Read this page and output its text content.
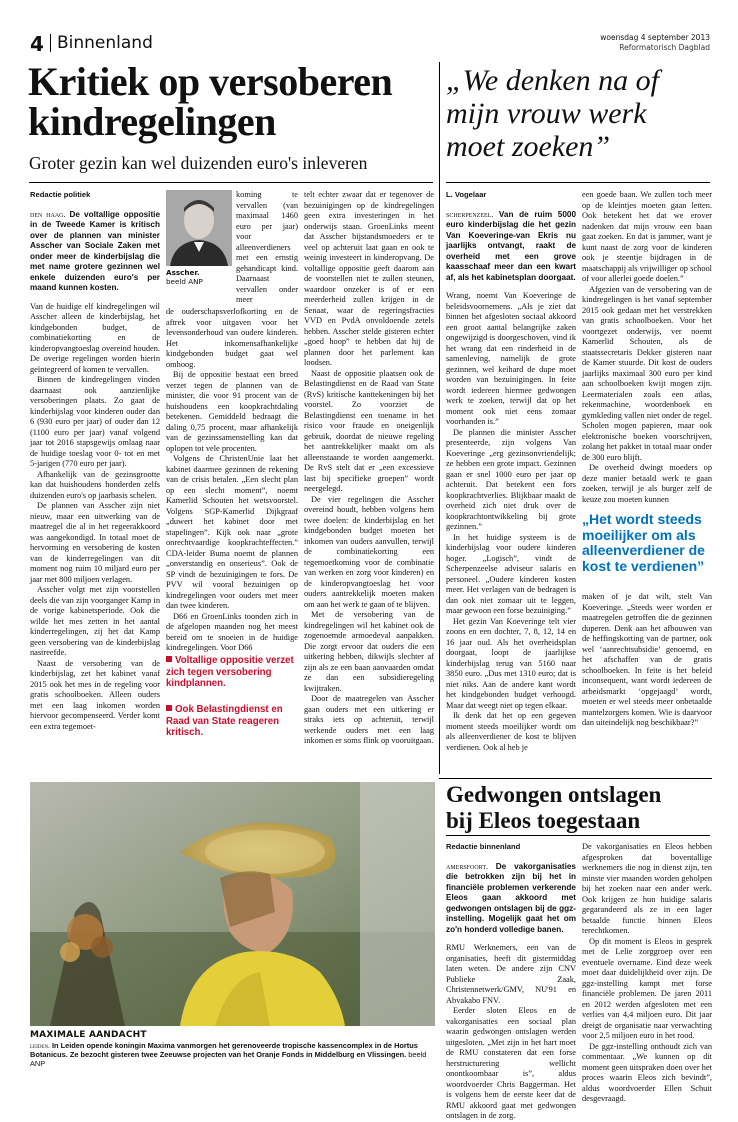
4 Binnenland	woensdag 4 september 2013
Reformatorisch Dagblad
Kritiek op versoberen
kindregelingen
Groter gezin kan wel duizenden euro's inleveren
Redactie politiek

den haag. De voltallige oppositie in de Tweede Kamer is kritisch over de plannen van minister Asscher van Sociale Zaken met onder meer de kinderbijslag die met name grotere gezinnen wel enkele duizenden euro's per maand kunnen kosten.

Van de huidige elf kindregelingen wil Asscher alleen de kinderbijslag, het kindgebonden budget, de combinatiekorting en de kinderopvangtoeslag overeind houden. De overige regelingen worden hierin geïntegreerd of komen te vervallen.

Binnen de kindregelingen vinden daarnaast ook aanzienlijke versoberingen plaats. Zo gaat de kinderbijslag voor kinderen ouder dan 6 (930 euro per jaar) of ouder dan 12 (1100 euro per jaar) vanaf volgend jaar tot 2016 stapsgewijs omlaag naar de huidige toeslag voor 0- tot en met 5-jarigen (770 euro per jaar).

Afhankelijk van de gezinsgrootte kan dat huishoudens honderden zelfs duizenden euro's op jaarbasis schelen.

De plannen van Asscher zijn niet nieuw, maar een uitwerking van de maatregel die al in het regeerakkoord was aangekondigd. In totaal moet de hervorming en versobering de kosten van de kinderregelingen van dit moment nog ruim 10 miljard euro per jaar met 800 miljoen verlagen.

Asscher volgt met zijn voorstellen deels die van zijn voorganger Kamp in de vorige kabinetsperiode. Ook die wilde het mes zetten in het aantal kinderregelingen, zij het dat Kamp geen versobering van de kinderbijslag nastreefde.

Naast de versobering van de kinderbijslag, zet het kabinet vanaf 2015 ook het mes in de regeling voor gratis schoolboeken. Alleen ouders met een laag inkomen worden hiervoor gecompenseerd. Verder komt een extra tegemoet-

Asscher.
beeld ANP
koming te vervallen (van maximaal 1460 euro per jaar) voor alleenverdieners met een ernstig gehandicapt kind. Daarnaast vervallen onder meer

de ouderschapsverlofkorting en de aftrek voor uitgaven voor het levensonderhoud van oudere kinderen. Het inkomensafhankelijke kindgebonden budget gaat wel omhoog.

Bij de oppositie bestaat een breed verzet tegen de plannen van de minister, die voor 91 procent van de huishoudens een koopkrachtdaling betekenen. Gemiddeld bedraagt die daling 0,75 procent, maar afhankelijk van de gezinssamenstelling kan dat oplopen tot vele procenten.

Volgens de ChristenUnie laat het kabinet daarmee gezinnen de rekening van de crisis betalen. „Een slecht plan op een slecht moment”, noemt Kamerlid Schouten het wetsvoorstel. Volgens SGP-Kamerlid Dijkgraaf „duwert het kabinet door met stapelingen”. Kijk ook naar „grote onrechtvaardige koopkrachteffecten.” CDA-leider Buma noemt de plannen „onverstandig en onserieus”. Ook de SP vindt de bezuinigingen te fors. De PVV wil vooral bezuinigen op kindregelingen voor ouders met meer dan twee kinderen.

D66 en GroenLinks toonden zich in de afgelopen maanden nog het meest bereid om te snoeien in de huidige kindregelingen. Voor D66

Voltallige oppositie verzet zich tegen versobering kindplannen.
Ook Belastingdienst en Raad van State reageren kritisch.

telt echter zwaar dat er tegenover de bezuinigingen op de kindregelingen geen extra investeringen in het onderwijs staan. GroenLinks meent dat Asscher bijstandsmoeders er te veel op achteruit laat gaan en ook te weinig investeert in kinderopvang. De voltallige oppositie geeft daarom aan de voorstellen niet te zullen steunen, waardoor onzeker is of er een meerderheid zullen krijgen in de Senaat, waar de regeringsfracties VVD en PvdA onvoldoende zetels hebben. Asscher stelde gisteren echter „goed hoop” te hebben dat hij de plannen door het parlement kan loodsen.

Naast de oppositie plaatsen ook de Belastingdienst en de Raad van State (RvS) kritische kanttekeningen bij het voorstel. Zo voorziet de Belastingdienst een toename in het risico voor fraude en oneigenlijk gebruik, doordat de nieuwe regeling het aantrekkelijker maakt om als alleenstaande te worden aangemerkt. De RvS stelt dat er „een excessieve last bij specifieke groepen” wordt neergelegd.

De vier regelingen die Asscher overeind houdt, hebben volgens hem twee doelen: de kinderbijslag en het kindgebonden budget moeten het inkomen van ouders aanvullen, terwijl de combinatiekorting een tegemoetkoming voor de combinatie van werken en zorg voor kinderen) en de kinderopvangtoeslag het voor ouders aantrekkelijk moeten maken om aan het werk te gaan of te blijven.

Met de versobering van de kindregelingen wil het kabinet ook de zogenoemde armoedeval aanpakken. Die zorgt ervoor dat ouders die een uitkering hebben, dikwijls slechter af zijn als ze een baan aanvaarden omdat ze dan een subsidieregeling kwijtraken.

Door de maatregelen van Asscher gaan ouders met een uitkering er straks iets op achteruit, terwijl werkende ouders met een laag inkomen er soms flink op vooruitgaan.

„We denken na of
mijn vrouw werk
moet zoeken”
L. Vogelaar

scherpenzeel. Van de ruim 5000 euro kinderbijslag die het gezin Van Koeveringe-van Ekris nu jaarlijks ontvangt, raakt de overheid met een grove kaasschaaf meer dan een kwart af, als het kabinetsplan doorgaat.

Wrang, noemt Van Koeveringe de beleidsvoornemens. „Als je ziet dat binnen het afgesloten sociaal akkoord een groot aantal belangrijke zaken ongewijzigd is doorgeschoven, vind ik het wrang dat een rinderheid in de samenleving, namelijk de grote gezinnen, wel keihard de dupe moet worden van bezuinigingen. In feite wordt iedereen hiermee gedwongen werk te zoeken, terwijl dat op het moment ook niet eens zomaar voorhanden is.”

De plannen die minister Asscher presenteerde, zijn volgens Van Koeveringe „erg gezinsonvriendelijk; ze hebben een grote impact. Gezinnen gaan er snel 1000 euro per jaar op achteruit. Dat betekent een fors koopkrachtverlies. Blijkbaar maakt de overheid zich niet druk over de koopkrachtontwikkeling bij grote gezinnen.”

In het huidige systeem is de kinderbijslag voor oudere kinderen hoger. „Logisch”, vindt de Scherpenzeelse adviseur salaris en personeel. „Oudere kinderen kosten meer. Het verlagen van de bedragen is dan ook niet zomaar uit te leggen, maar gewoon een forse bezuiniging.”

Het gezin Van Koeveringe telt vier zoons en een dochter, 7, 8, 12, 14 en 16 jaar oud. Als het overheidsplan doorgaat, loopt de jaarlijkse kinderbijslag terug van 5160 naar 3850 euro. „Dus met 1310 euro; dat is niet niks. Aan de andere kant wordt het kindgebonden budget verhoogd. Maar dat weegt niet op tegen elkaar.

Ik denk dat het op een gegeven moment steeds moeilijker wordt om als alleenverdiener de kost te blijven verdienen. Ook al heb je

een goede baan. We zullen toch meer op de kleintjes moeten gaan letten. Ook betekent het dat we erover nadenken dat mijn vrouw een baan gaat zoeken. En dat is jammer, want je kunt naast de zorg voor de kinderen ook je steentje bijdragen in de maatschappij als vrijwilliger op school of voor allerlei goede doelen.”

Afgezien van de versobering van de kindregelingen is het vanaf september 2015 ook gedaan met het verstrekken van gratis schoolboeken. Voor het voortgezet onderwijs, ver noemt Kamerlid Schouten, als de staatssecretaris Dekker gisteren naar de Kamer stuurde. Dit kost de ouders jaarlijks maximaal 300 euro per kind aan schoolboeken kwijt mogen zijn. Leermaterialen zoals een atlas, rekenmachine, woordenboek en gymkleding vallen niet onder de regel. Scholen mogen papieren, maar ook elektronische boeken voorschrijven, zolang het pakket in totaal maar onder de 300 euro blijft.

De overheid dwingt moeders op deze manier betaald werk te gaan zoeken, terwijl je als burger zelf de keuze zou moeten kunnen

„Het wordt steeds moeilijker om als alleenverdiener de kost te verdienen”

maken of je dat wilt, stelt Van Koeveringe. „Steeds weer worden er maatregelen getroffen die de gezinnen duperen. Denk aan het afbouwen van de heffingskorting van de partner, ook wel ‘aanrechtsubsidie’ genoemd, en het afschaffen van de gratis schoolboeken. In feite is het beleid inconsequent, want wordt iedereen de arbeidsmarkt ‘opgejaagd’ wordt, moeten er wel steeds meer onbetaalde mantelzorgers komen. Wie is daarvoor dan uiteindelijk nog beschikbaar?”

MAXIMALE AANDACHT
leiden. In Leiden opende koningin Maxima vanmorgen het gerenoveerde tropische kassencomplex in de Hortus Botanicus. Ze bezocht gisteren twee Zeeuwse projecten van het Oranje Fonds in Middelburg en Vlissingen. beeld ANP
Gedwongen ontslagen
bij Eleos toegestaan
Redactie binnenland

amersfoort. De vakorganisaties die betrokken zijn bij het in financiële problemen verkerende Eleos gaan akkoord met gedwongen ontslagen bij de ggz-instelling. Mogelijk gaat het om zo'n honderd volledige banen.

RMU Werknemers, een van de organisaties, heeft dit gistermiddag laten weten. De andere zijn CNV Publieke Zaak, Christennetwerk/GMV, NU'91 en Abvakabo FNV.

Eerder sloten Eleos en de vakorganisaties een sociaal plan waarin gedwongen ontslagen werden uitgesloten. „Met zijn in het hart moet de RMU constateren dat een forse herstructurering wellicht onontkoombaar is”, aldus woordvoerder Chris Baggerman. Het is volgens hem de eerste keer dat de RMU akkoord gaat met gedwongen ontslagen in de zorg.

De vakorganisaties en Eleos hebben afgesproken dat boventallige werknemers die nog in dienst zijn, ten minste vier maanden worden geholpen bij het zoeken naar een ander werk. Ook krijgen ze hun huidige salaris gegarandeerd als ze in een lager betaalde functie binnen Eleos terechtkomen.

Op dit moment is Eleos in gesprek met de Lelie zorggroep over een eventuele overname. Eind deze week moet daar duidelijkheid over zijn. De ggz-instelling kampt met forse financiële problemen. De jaren 2011 en 2012 werden afgesloten met een verlies van 4,4 miljoen euro. Dit jaar dreigt de organisatie naar verwachting voor 2,5 miljoen euro in het rood.

De ggz-instelling onthoudt zich van commentaar. „We kunnen op dit moment geen uitspraken doen over het proces waarin Eleos zich bevindt”, aldus woordvoerder Ellen Schuit desgevraagd.
